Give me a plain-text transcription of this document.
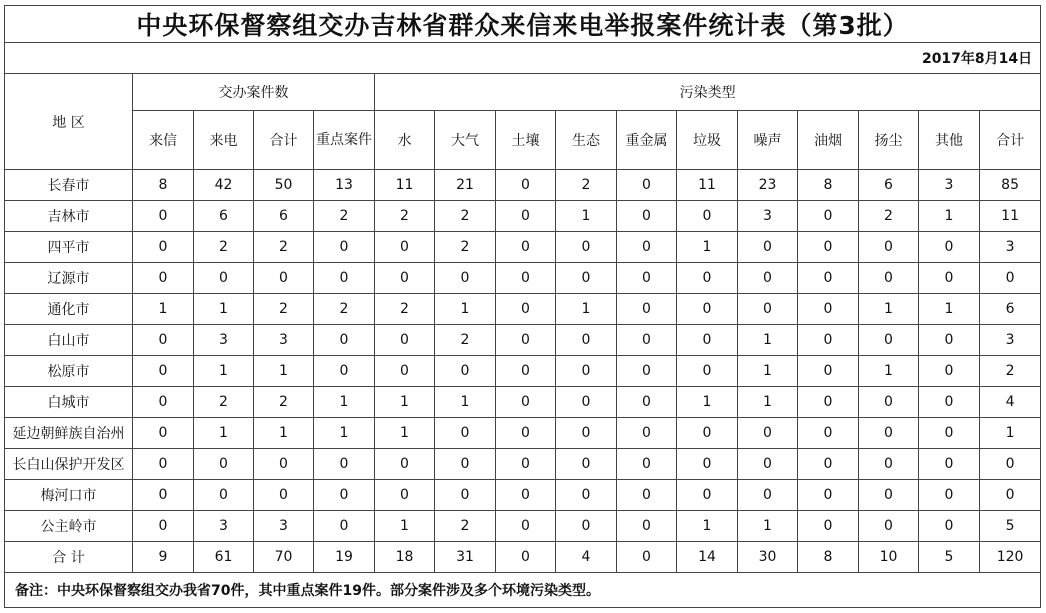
中央环保督察组交办吉林省群众来信来电举报案件统计表（第3批）															
2017年8月14日															
地 区	交办案件数				污染类型										
	来信	来电	合计	重点案件	水	大气	土壤	生态	重金属	垃圾	噪声	油烟	扬尘	其他	合计
长春市	8	42	50	13	11	21	0	2	0	11	23	8	6	3	85
吉林市	0	6	6	2	2	2	0	1	0	0	3	0	2	1	11
四平市	0	2	2	0	0	2	0	0	0	1	0	0	0	0	3
辽源市	0	0	0	0	0	0	0	0	0	0	0	0	0	0	0
通化市	1	1	2	2	2	1	0	1	0	0	0	0	1	1	6
白山市	0	3	3	0	0	2	0	0	0	0	1	0	0	0	3
松原市	0	1	1	0	0	0	0	0	0	0	1	0	1	0	2
白城市	0	2	2	1	1	1	0	0	0	1	1	0	0	0	4
延边朝鲜族自治州	0	1	1	1	1	0	0	0	0	0	0	0	0	0	1
长白山保护开发区	0	0	0	0	0	0	0	0	0	0	0	0	0	0	0
梅河口市	0	0	0	0	0	0	0	0	0	0	0	0	0	0	0
公主岭市	0	3	3	0	1	2	0	0	0	1	1	0	0	0	5
合 计	9	61	70	19	18	31	0	4	0	14	30	8	10	5	120
备注：中央环保督察组交办我省70件，其中重点案件19件。部分案件涉及多个环境污染类型。															
